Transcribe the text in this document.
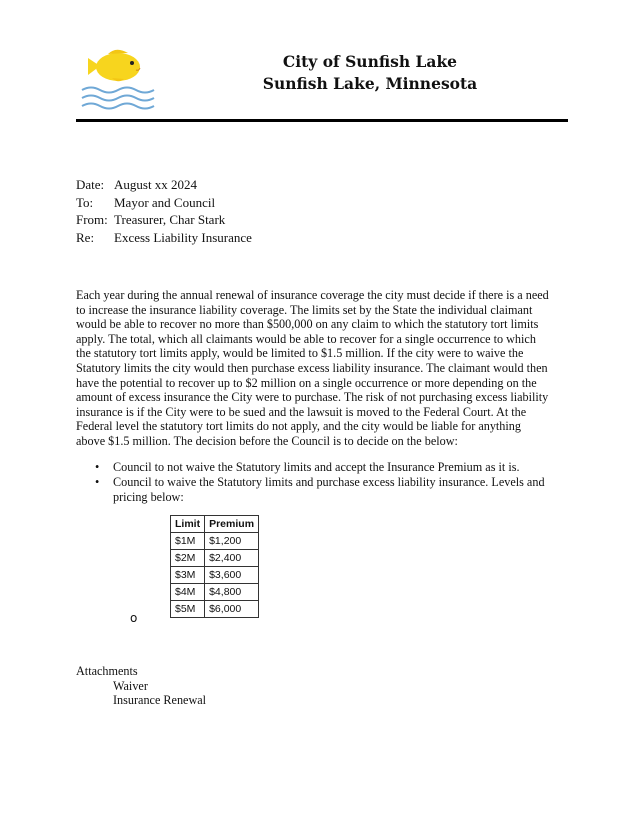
City of Sunfish Lake
Sunfish Lake, Minnesota
Date: August xx 2024
To:	Mayor and Council
From: Treasurer, Char Stark
Re:	Excess Liability Insurance
Each year during the annual renewal of insurance coverage the city must decide if there is a need
to increase the insurance liability coverage. The limits set by the State the individual claimant
would be able to recover no more than $500,000 on any claim to which the statutory tort limits
apply. The total, which all claimants would be able to recover for a single occurrence to which
the statutory tort limits apply, would be limited to $1.5 million. If the city were to waive the
Statutory limits the city would then purchase excess liability insurance. The claimant would then
have the potential to recover up to $2 million on a single occurrence or more depending on the
amount of excess insurance the City were to purchase. The risk of not purchasing excess liability
insurance is if the City were to be sued and the lawsuit is moved to the Federal Court. At the
Federal level the statutory tort limits do not apply, and the city would be liable for anything
above $1.5 million. The decision before the Council is to decide on the below:
• Council to not waive the Statutory limits and accept the Insurance Premium as it is.
• Council to waive the Statutory limits and purchase excess liability insurance. Levels and
pricing below:
Limit	Premium
$1M	$1,200
$2M	$2,400
$3M	$3,600
$4M	$4,800
$5M	$6,000
o
Attachments
Waiver
Insurance Renewal
